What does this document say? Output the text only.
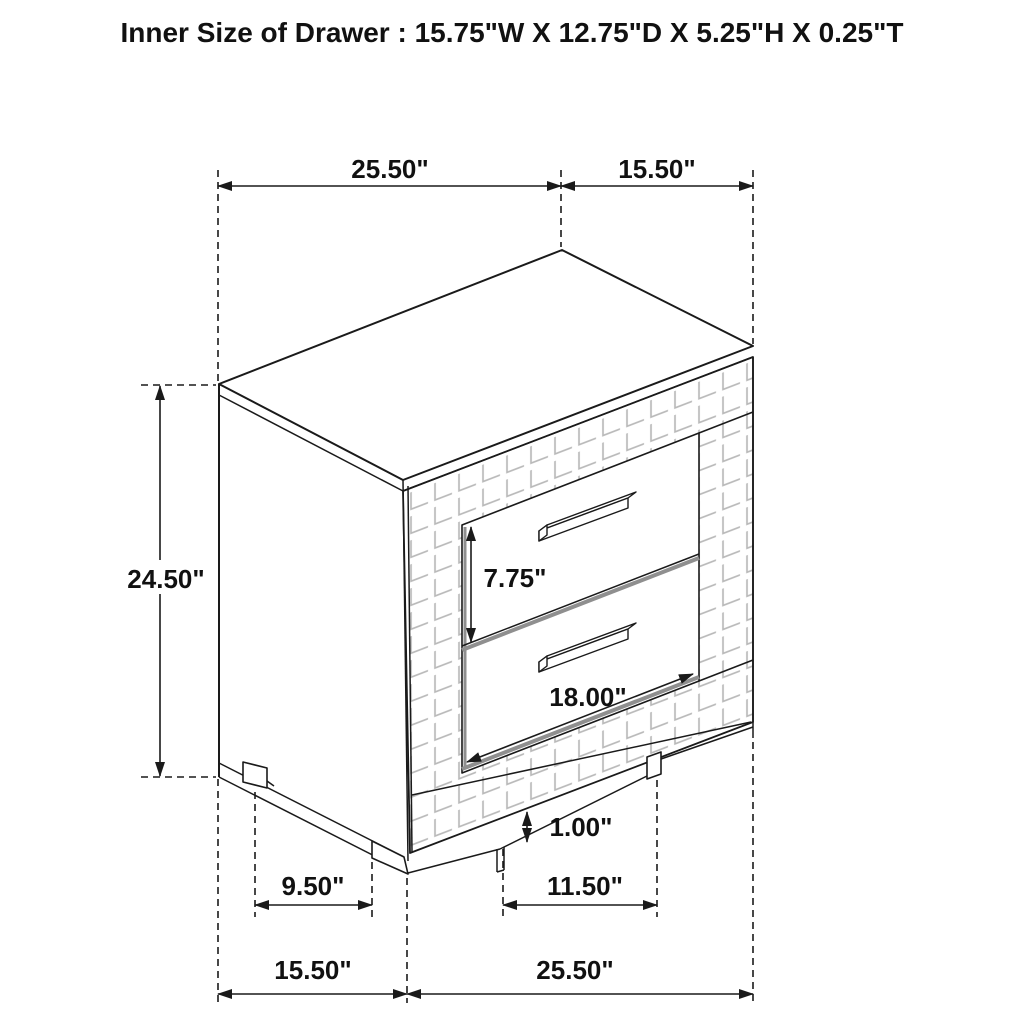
Inner Size of Drawer : 15.75"W X 12.75"D X 5.25"H X 0.25"T
25.50"	15.50"
24.50"	7.75"
18.00"
1.00"
9.50"	11.50"
15.50"	25.50"
